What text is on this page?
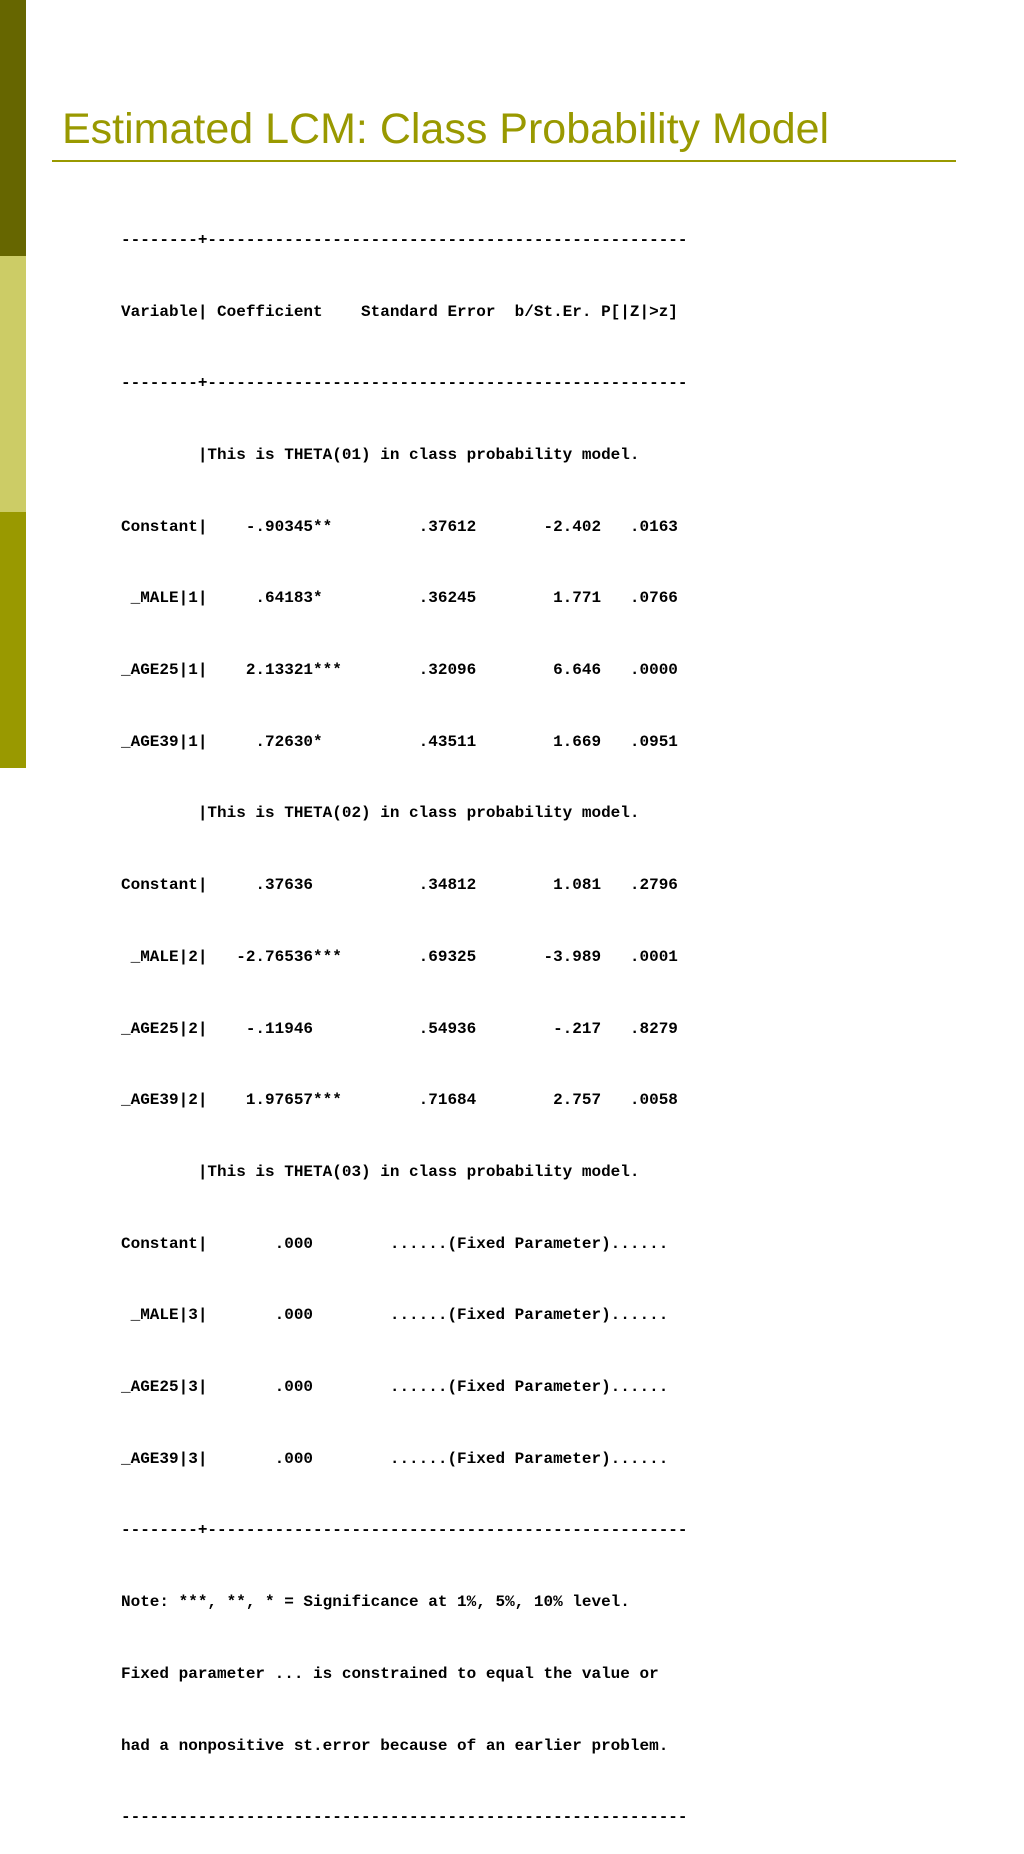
Estimated LCM: Class Probability Model

--------+--------------------------------------------------

Variable| Coefficient    Standard Error  b/St.Er. P[|Z|>z]

--------+--------------------------------------------------

|This is THETA(01) in class probability model.

Constant|    -.90345**         .37612       -2.402   .0163

_MALE|1|     .64183*          .36245        1.771   .0766

_AGE25|1|    2.13321***        .32096        6.646   .0000

_AGE39|1|     .72630*          .43511        1.669   .0951

|This is THETA(02) in class probability model.

Constant|     .37636           .34812        1.081   .2796

_MALE|2|   -2.76536***        .69325       -3.989   .0001

_AGE25|2|    -.11946           .54936        -.217   .8279

_AGE39|2|    1.97657***        .71684        2.757   .0058

|This is THETA(03) in class probability model.

Constant|       .000        ......(Fixed Parameter)......

_MALE|3|       .000        ......(Fixed Parameter)......

_AGE25|3|       .000        ......(Fixed Parameter)......

_AGE39|3|       .000        ......(Fixed Parameter)......

--------+--------------------------------------------------

Note: ***, **, * = Significance at 1%, 5%, 10% level.

Fixed parameter ... is constrained to equal the value or

had a nonpositive st.error because of an earlier problem.

-----------------------------------------------------------
